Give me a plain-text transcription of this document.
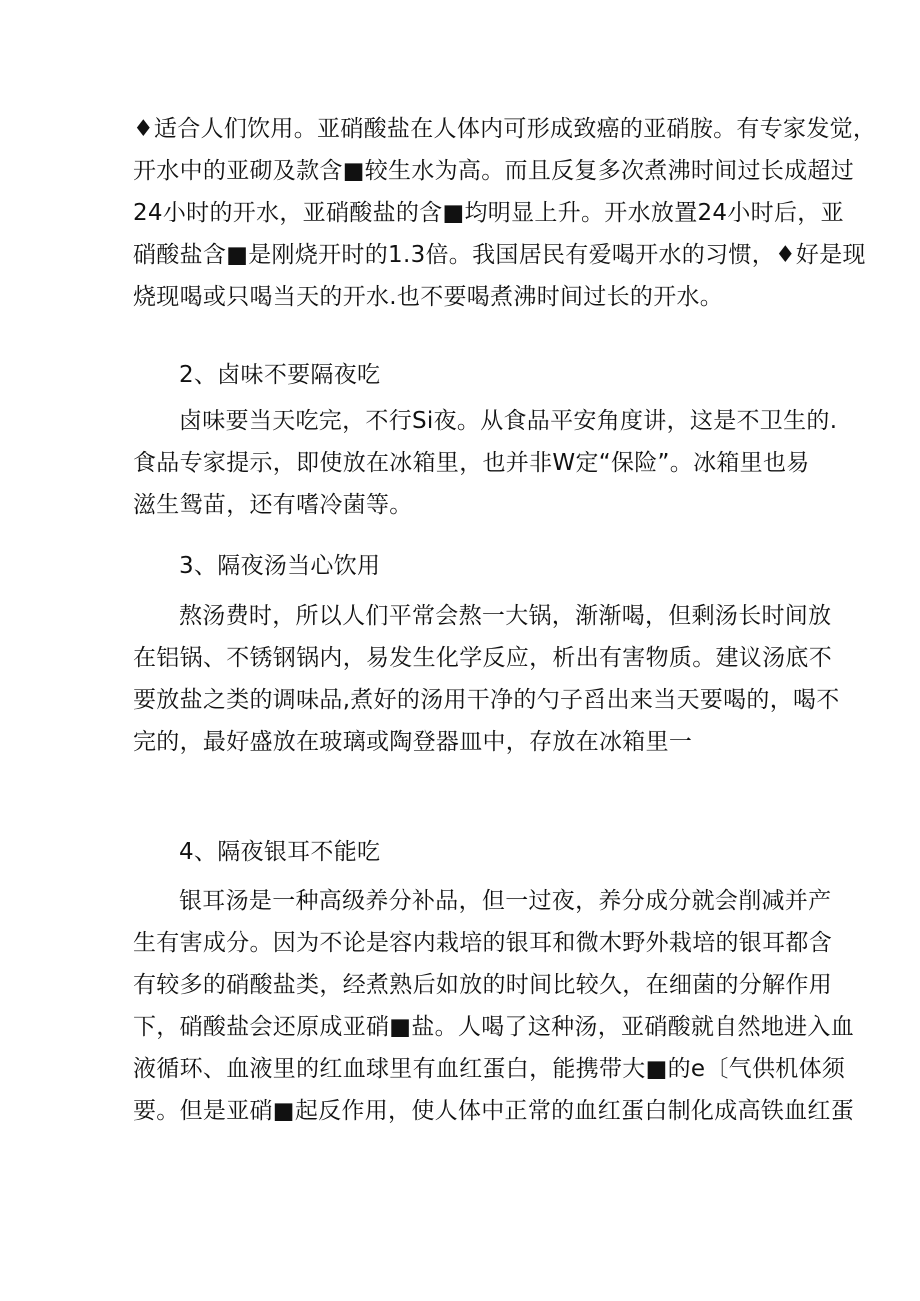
♦适合人们饮用。亚硝酸盐在人体内可形成致癌的亚硝胺。有专家发觉，
开水中的亚砌及款含■较生水为高。而且反复多次煮沸时间过长成超过
24小时的开水，亚硝酸盐的含■均明显上升。开水放置24小时后，亚
硝酸盐含■是刚烧开时的1.3倍。我国居民有爱喝开水的习惯，♦好是现
烧现喝或只喝当天的开水.也不要喝煮沸时间过长的开水。
2、卤味不要隔夜吃
卤味要当天吃完，不行Si夜。从食品平安角度讲，这是不卫生的.
食品专家提示，即使放在冰箱里，也并非W定“保险”。冰箱里也易
滋生鸳苗，还有嗜冷菌等。
3、隔夜汤当心饮用
熬汤费时，所以人们平常会熬一大锅，渐渐喝，但剩汤长时间放
在铝锅、不锈钢锅内，易发生化学反应，析出有害物质。建议汤底不
要放盐之类的调味品,煮好的汤用干净的勺子舀出来当天要喝的，喝不
完的，最好盛放在玻璃或陶登器皿中，存放在冰箱里一
4、隔夜银耳不能吃
银耳汤是一种高级养分补品，但一过夜，养分成分就会削减并产
生有害成分。因为不论是容内栽培的银耳和微木野外栽培的银耳都含
有较多的硝酸盐类，经煮熟后如放的时间比较久，在细菌的分解作用
下，硝酸盐会还原成亚硝■盐。人喝了这种汤，亚硝酸就自然地进入血
液循环、血液里的红血球里有血红蛋白，能携带大■的e〔气供机体须
要。但是亚硝■起反作用，使人体中正常的血红蛋白制化成高铁血红蛋
